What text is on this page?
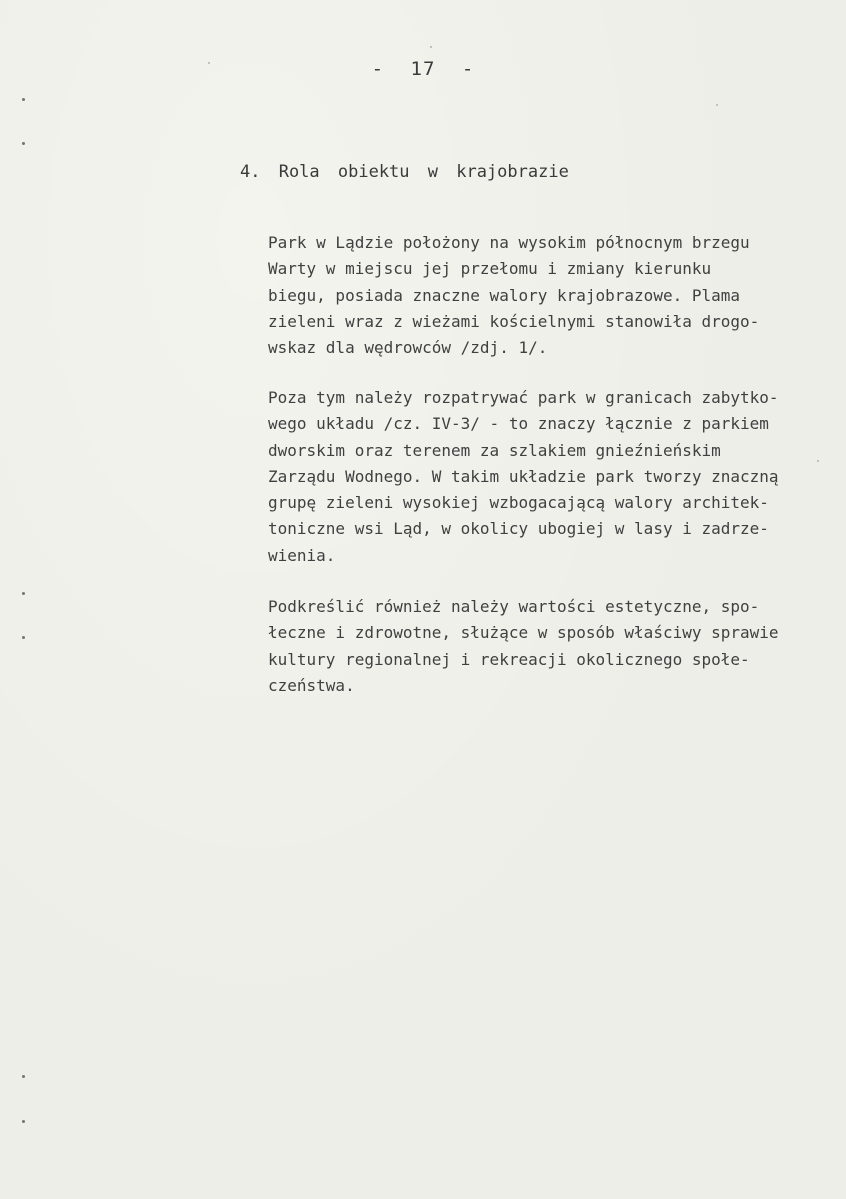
- 17 -
4. Rola obiektu w krajobrazie
Park w Lądzie położony na wysokim północnym brzegu
Warty w miejscu jej przełomu i zmiany kierunku
biegu, posiada znaczne walory krajobrazowe. Plama
zieleni wraz z wieżami kościelnymi stanowiła drogo-
wskaz dla wędrowców /zdj. 1/.
Poza tym należy rozpatrywać park w granicach zabytko-
wego układu /cz. IV-3/ - to znaczy łącznie z parkiem
dworskim oraz terenem za szlakiem gnieźnieńskim
Zarządu Wodnego. W takim układzie park tworzy znaczną
grupę zieleni wysokiej wzbogacającą walory architek-
toniczne wsi Ląd, w okolicy ubogiej w lasy i zadrze-
wienia.
Podkreślić również należy wartości estetyczne, spo-
łeczne i zdrowotne, służące w sposób właściwy sprawie
kultury regionalnej i rekreacji okolicznego społe-
czeństwa.
